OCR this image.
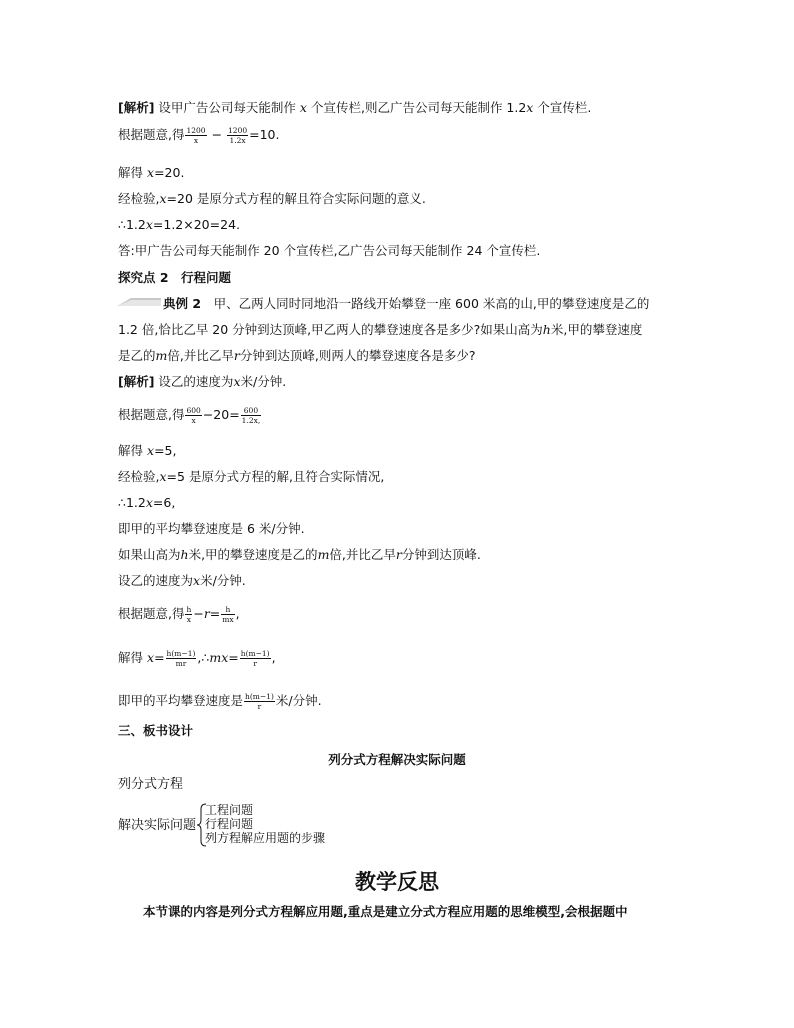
[解析] 设甲广告公司每天能制作 x 个宣传栏,则乙广告公司每天能制作 1.2x 个宣传栏.
根据题意,得 $\frac{1200}{x} - \frac{1200}{1.2x} =10$.
解得 x=20.
经检验,x=20 是原分式方程的解且符合实际问题的意义.
∴1.2x=1.2×20=24.
答:甲广告公司每天能制作 20 个宣传栏,乙广告公司每天能制作 24 个宣传栏.
探究点 2　行程问题
典例 2　甲、乙两人同时同地沿一路线开始攀登一座 600 米高的山,甲的攀登速度是乙的
1.2 倍,恰比乙早 20 分钟到达顶峰,甲乙两人的攀登速度各是多少?如果山高为h米,甲的攀登速度
是乙的m倍,并比乙早r分钟到达顶峰,则两人的攀登速度各是多少?
[解析] 设乙的速度为x米/分钟.
根据题意,得 $\frac{600}{x} -20= \frac{600}{1.2x,}$
解得 x=5,
经检验,x=5 是原分式方程的解,且符合实际情况,
∴1.2x=6,
即甲的平均攀登速度是 6 米/分钟.
如果山高为h米,甲的攀登速度是乙的m倍,并比乙早r分钟到达顶峰.
设乙的速度为x米/分钟.
根据题意,得 $\frac{h}{x} -r= \frac{h}{mx}$ ,
解得 $x= \frac{h(m-1)}{mr}$ ,∴mx= $\frac{h(m-1)}{r}$ ,
即甲的平均攀登速度是 $\frac{h(m-1)}{r}$ 米/分钟.
三、板书设计
列分式方程解决实际问题
列分式方程
解决实际问题
工程问题
行程问题
列方程解应用题的步骤
教学反思
本节课的内容是列分式方程解应用题,重点是建立分式方程应用题的思维模型,会根据题中
